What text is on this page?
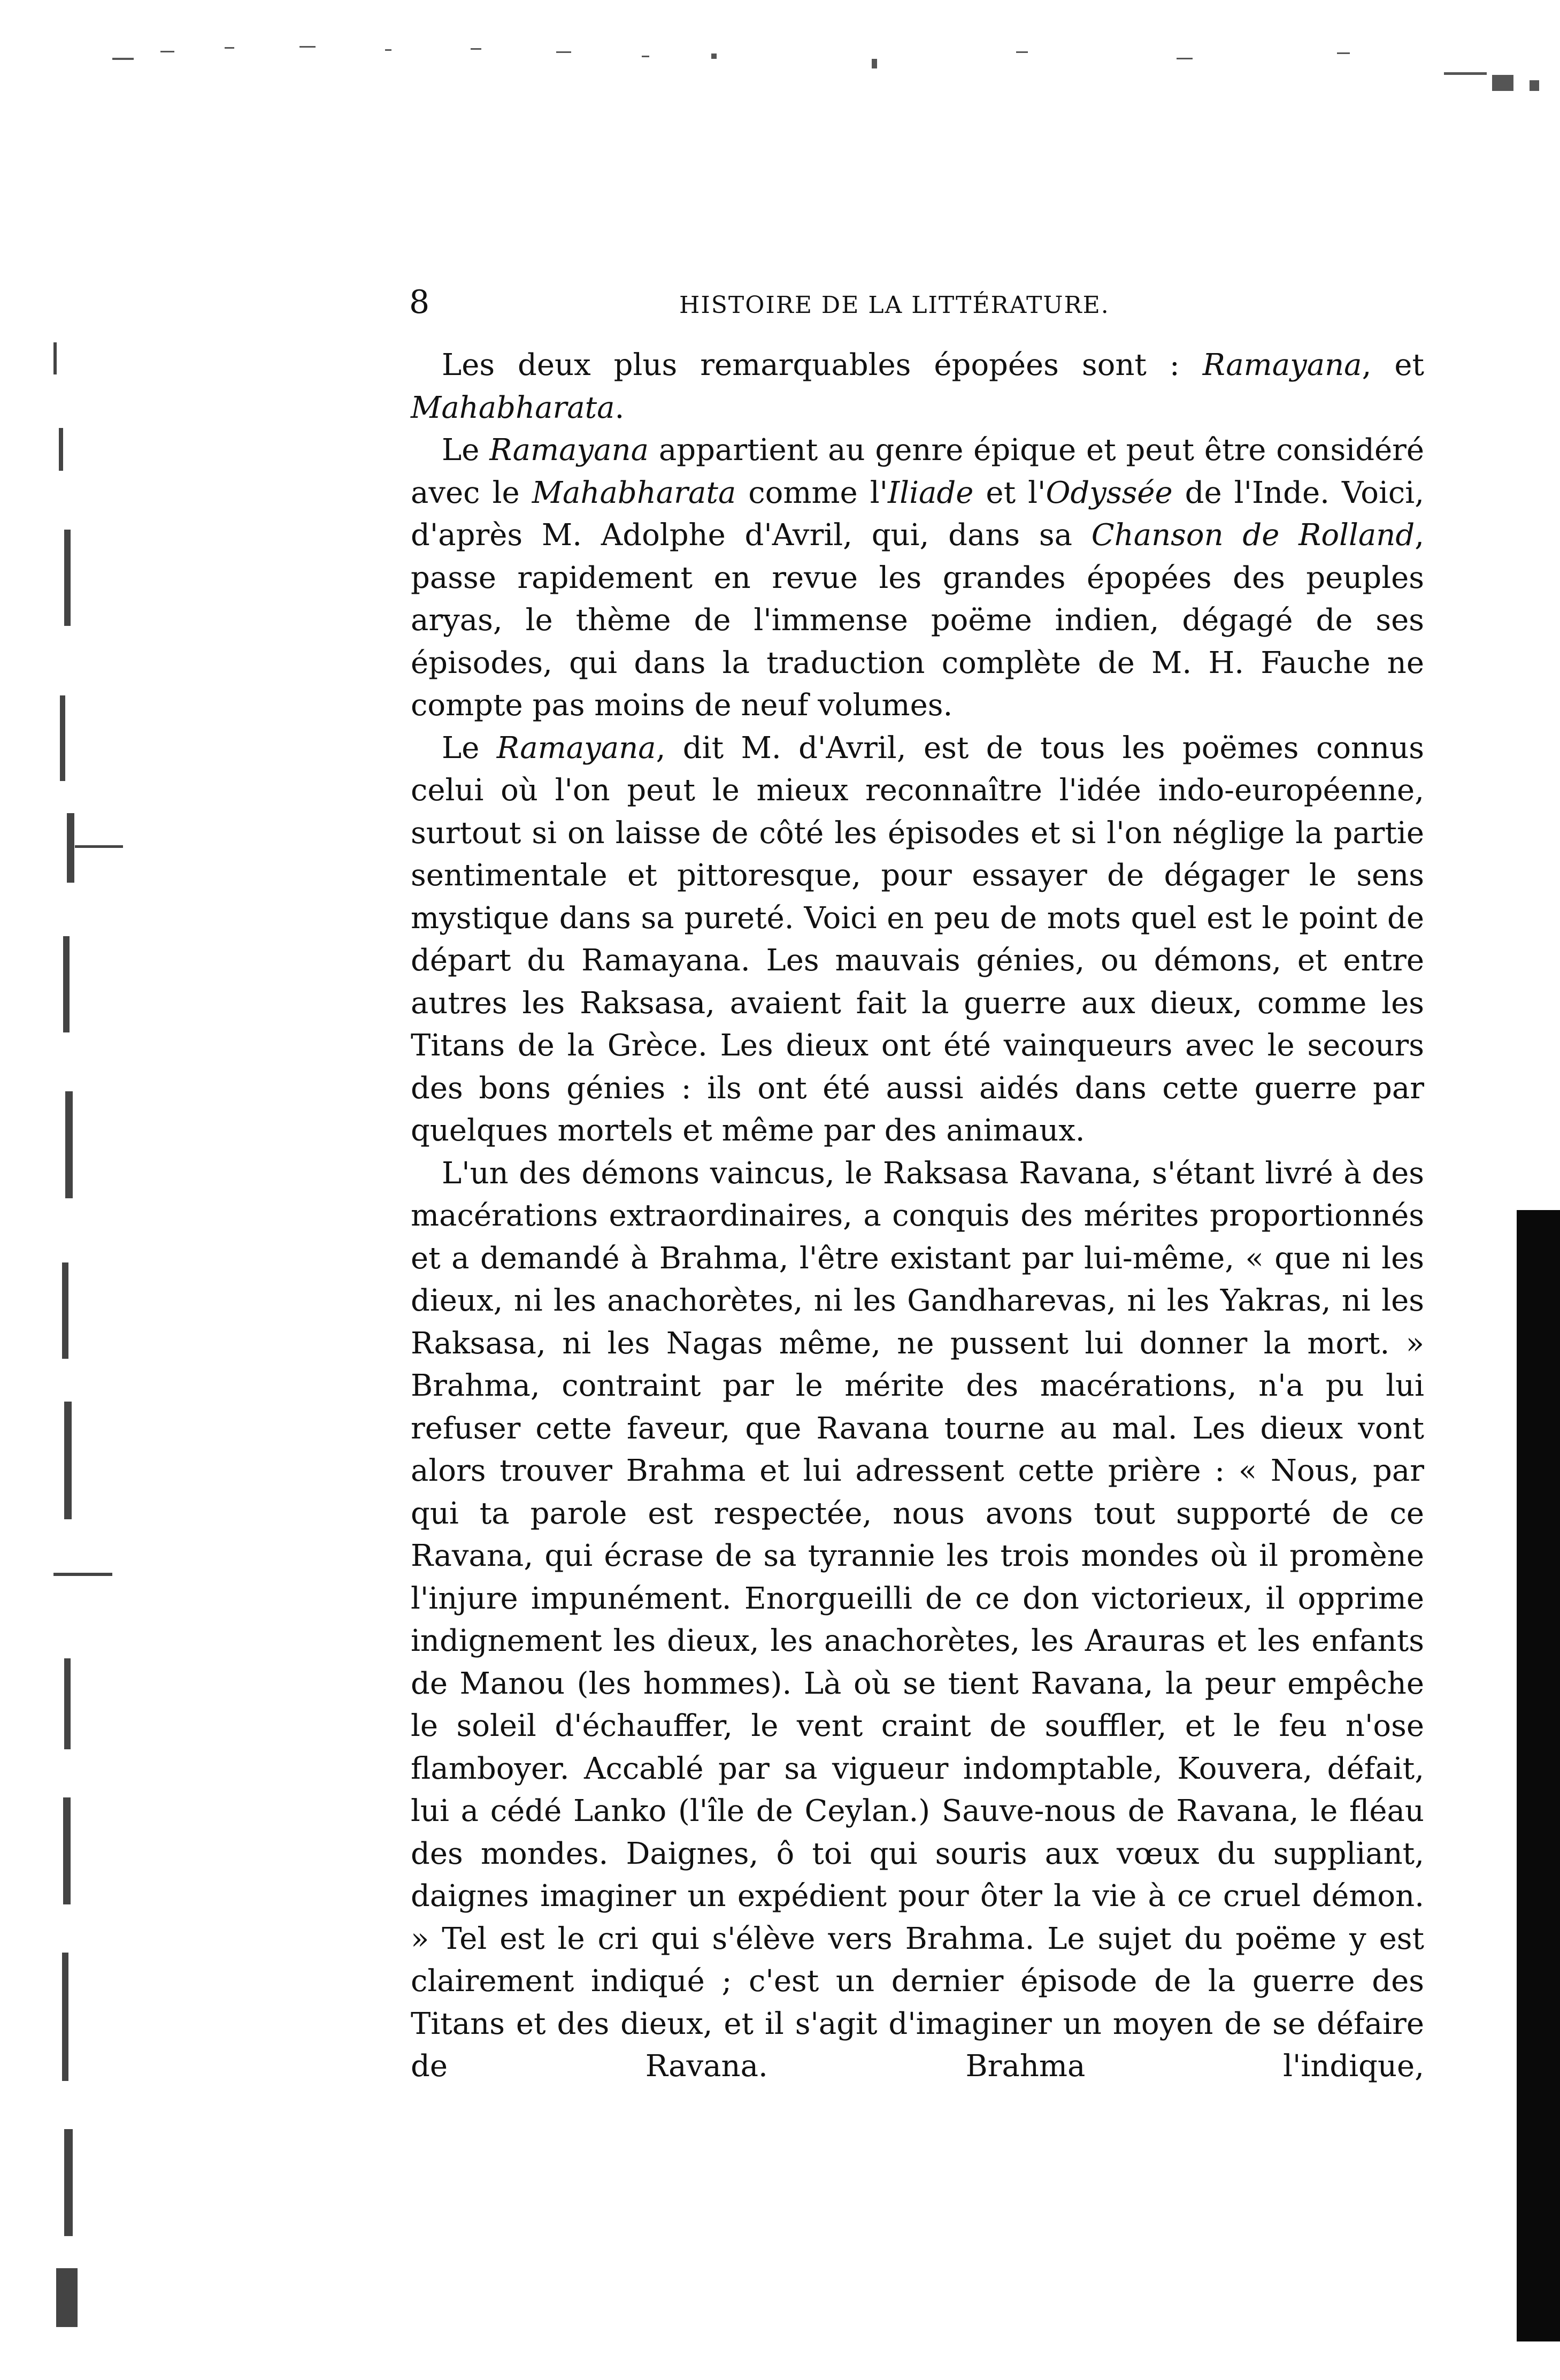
8	HISTOIRE DE LA LITTÉRATURE.

Les deux plus remarquables épopées sont : Ramayana, et Mahabharata.

Le Ramayana appartient au genre épique et peut être considéré avec le Mahabharata comme l'Iliade et l'Odyssée de l'Inde. Voici, d'après M. Adolphe d'Avril, qui, dans sa Chanson de Rolland, passe rapidement en revue les grandes épopées des peuples aryas, le thème de l'immense poëme indien, dégagé de ses épisodes, qui dans la traduction complète de M. H. Fauche ne compte pas moins de neuf volumes.

Le Ramayana, dit M. d'Avril, est de tous les poëmes connus celui où l'on peut le mieux reconnaître l'idée indo-européenne, surtout si on laisse de côté les épisodes et si l'on néglige la partie sentimentale et pittoresque, pour essayer de dégager le sens mystique dans sa pureté. Voici en peu de mots quel est le point de départ du Ramayana. Les mauvais génies, ou démons, et entre autres les Raksasa, avaient fait la guerre aux dieux, comme les Titans de la Grèce. Les dieux ont été vainqueurs avec le secours des bons génies : ils ont été aussi aidés dans cette guerre par quelques mortels et même par des animaux.

L'un des démons vaincus, le Raksasa Ravana, s'étant livré à des macérations extraordinaires, a conquis des mérites proportionnés et a demandé à Brahma, l'être existant par lui-même, « que ni les dieux, ni les anachorètes, ni les Gandharevas, ni les Yakras, ni les Raksasa, ni les Nagas même, ne pussent lui donner la mort. » Brahma, contraint par le mérite des macérations, n'a pu lui refuser cette faveur, que Ravana tourne au mal. Les dieux vont alors trouver Brahma et lui adressent cette prière : « Nous, par qui ta parole est respectée, nous avons tout supporté de ce Ravana, qui écrase de sa tyrannie les trois mondes où il promène l'injure impunément. Enorgueilli de ce don victorieux, il opprime indignement les dieux, les anachorètes, les Arauras et les enfants de Manou (les hommes). Là où se tient Ravana, la peur empêche le soleil d'échauffer, le vent craint de souffler, et le feu n'ose flamboyer. Accablé par sa vigueur indomptable, Kouvera, défait, lui a cédé Lanko (l'île de Ceylan.) Sauve-nous de Ravana, le fléau des mondes. Daignes, ô toi qui souris aux vœux du suppliant, daignes imaginer un expédient pour ôter la vie à ce cruel démon. » Tel est le cri qui s'élève vers Brahma. Le sujet du poëme y est clairement indiqué ; c'est un dernier épisode de la guerre des Titans et des dieux, et il s'agit d'imaginer un moyen de se défaire de Ravana. Brahma l'indique,
